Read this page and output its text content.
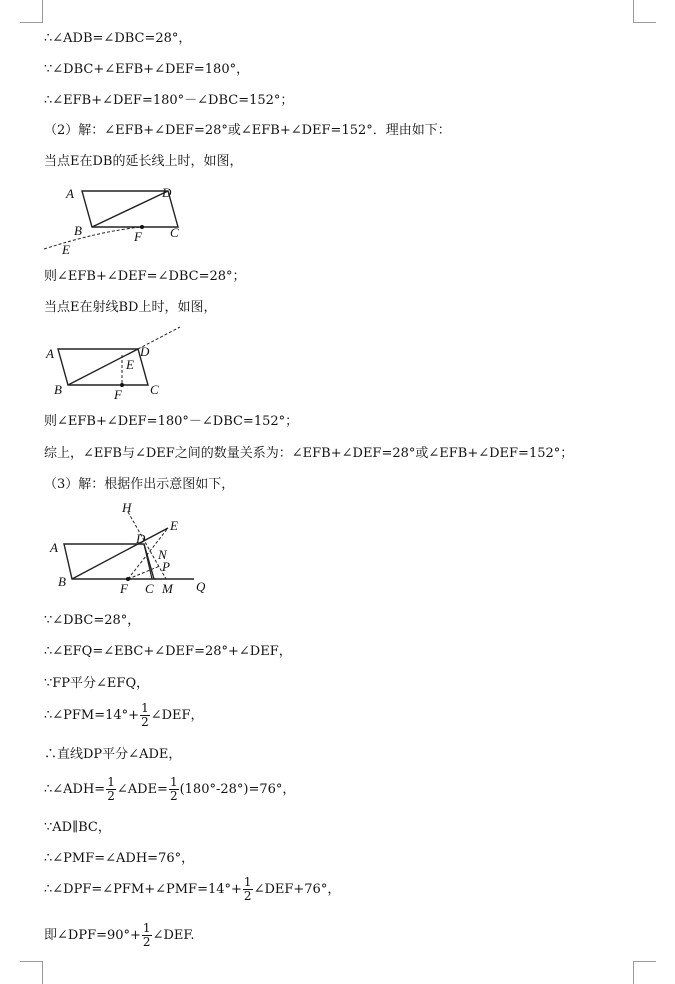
∴∠ADB=∠DBC=28°，
∵∠DBC+∠EFB+∠DEF=180°，
∴∠EFB+∠DEF=180°－∠DBC=152°；
（2）解：∠EFB+∠DEF=28°或∠EFB+∠DEF=152°．理由如下：
当点E在DB的延长线上时，如图，
A	D
B	C
F
E
则∠EFB+∠DEF=∠DBC=28°；
当点E在射线BD上时，如图，
A	D
E
B	C
F
则∠EFB+∠DEF=180°－∠DBC=152°；
综上，∠EFB与∠DEF之间的数量关系为：∠EFB+∠DEF=28°或∠EFB+∠DEF=152°；
（3）解：根据作出示意图如下，
H
E
A
D
N
P
B	F C M Q
∵∠DBC=28°，
∴∠EFQ=∠EBC+∠DEF=28°+∠DEF，
∵FP平分∠EFQ，
∴∠PFM=14°+ $\frac{1}{2}$ ∠DEF，
∴直线DP平分∠ADE，
∴∠ADH= $\frac{1}{2}$ ∠ADE= $\frac{1}{2} (180^\circ-28^\circ)=76^\circ$，
∵AD∥BC，
∴∠PMF=∠ADH=76°，
∴∠DPF=∠PFM+∠PMF=14°+ $\frac{1}{2}$ ∠DEF+76°，
即∠DPF=90°+ $\frac{1}{2}$ ∠DEF.
